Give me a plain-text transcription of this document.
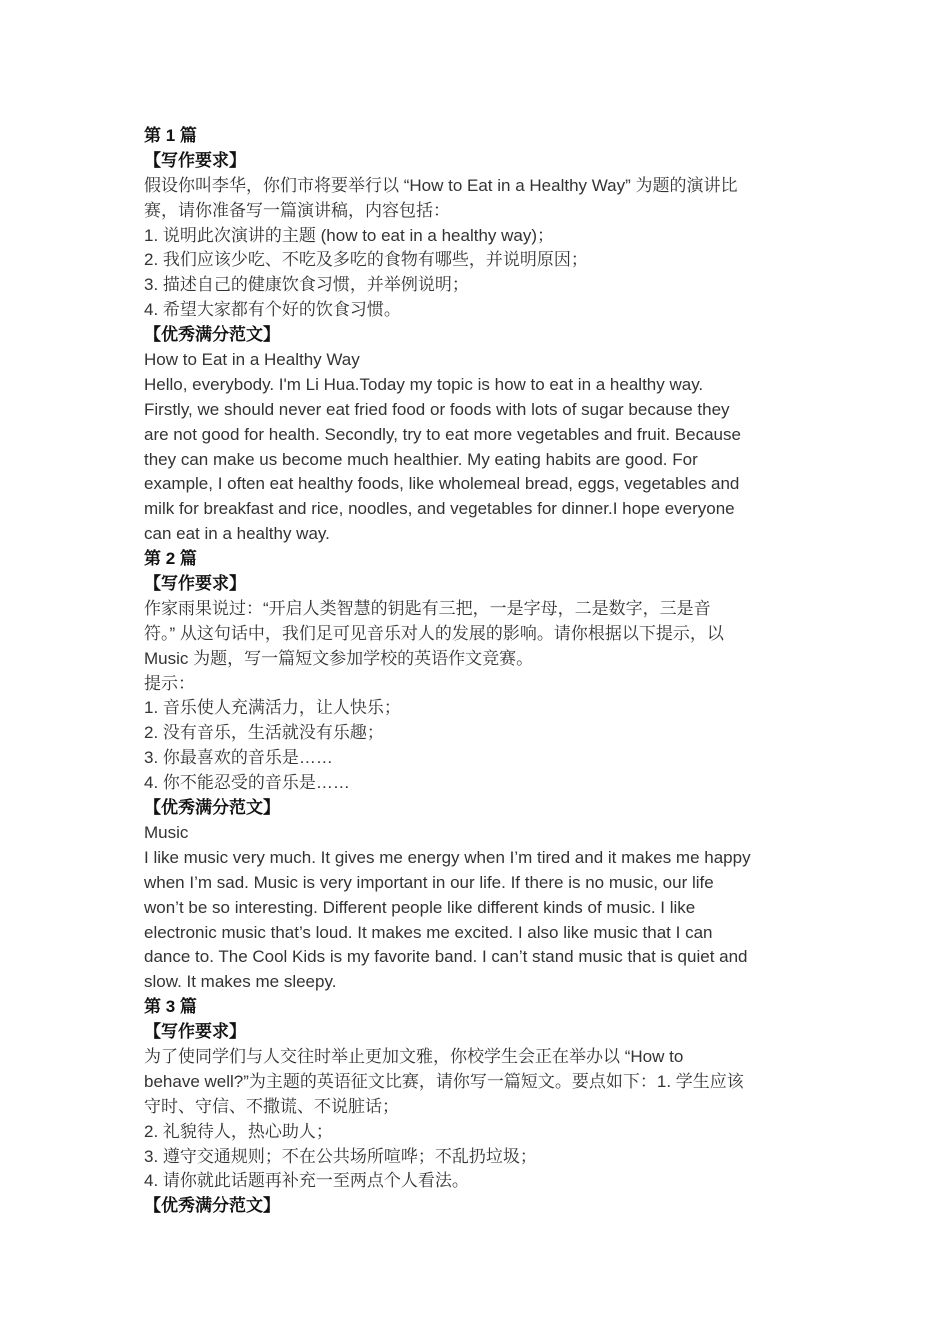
第 1 篇
【写作要求】
假设你叫李华，你们市将要举行以 “How to Eat in a Healthy Way” 为题的演讲比
赛，请你准备写一篇演讲稿，内容包括：
1. 说明此次演讲的主题 (how to eat in a healthy way)；
2. 我们应该少吃、不吃及多吃的食物有哪些，并说明原因；
3. 描述自己的健康饮食习惯，并举例说明；
4. 希望大家都有个好的饮食习惯。
【优秀满分范文】
How to Eat in a Healthy Way
Hello, everybody. I'm Li Hua.Today my topic is how to eat in a healthy way.
Firstly, we should never eat fried food or foods with lots of sugar because they
are not good for health. Secondly, try to eat more vegetables and fruit. Because
they can make us become much healthier. My eating habits are good. For
example, I often eat healthy foods, like wholemeal bread, eggs, vegetables and
milk for breakfast and rice, noodles, and vegetables for dinner.I hope everyone
can eat in a healthy way.
第 2 篇
【写作要求】
作家雨果说过：“开启人类智慧的钥匙有三把，一是字母，二是数字，三是音
符。” 从这句话中，我们足可见音乐对人的发展的影响。请你根据以下提示，以
Music 为题，写一篇短文参加学校的英语作文竞赛。
提示：
1. 音乐使人充满活力，让人快乐；
2. 没有音乐，生活就没有乐趣；
3. 你最喜欢的音乐是……
4. 你不能忍受的音乐是……
【优秀满分范文】
Music
I like music very much. It gives me energy when I’m tired and it makes me happy
when I’m sad. Music is very important in our life. If there is no music, our life
won’t be so interesting. Different people like different kinds of music. I like
electronic music that’s loud. It makes me excited. I also like music that I can
dance to. The Cool Kids is my favorite band. I can’t stand music that is quiet and
slow. It makes me sleepy.
第 3 篇
【写作要求】
为了使同学们与人交往时举止更加文雅，你校学生会正在举办以 “How to
behave well?”为主题的英语征文比赛，请你写一篇短文。要点如下：1. 学生应该
守时、守信、不撒谎、不说脏话；
2. 礼貌待人，热心助人；
3. 遵守交通规则；不在公共场所喧哗；不乱扔垃圾；
4. 请你就此话题再补充一至两点个人看法。
【优秀满分范文】
